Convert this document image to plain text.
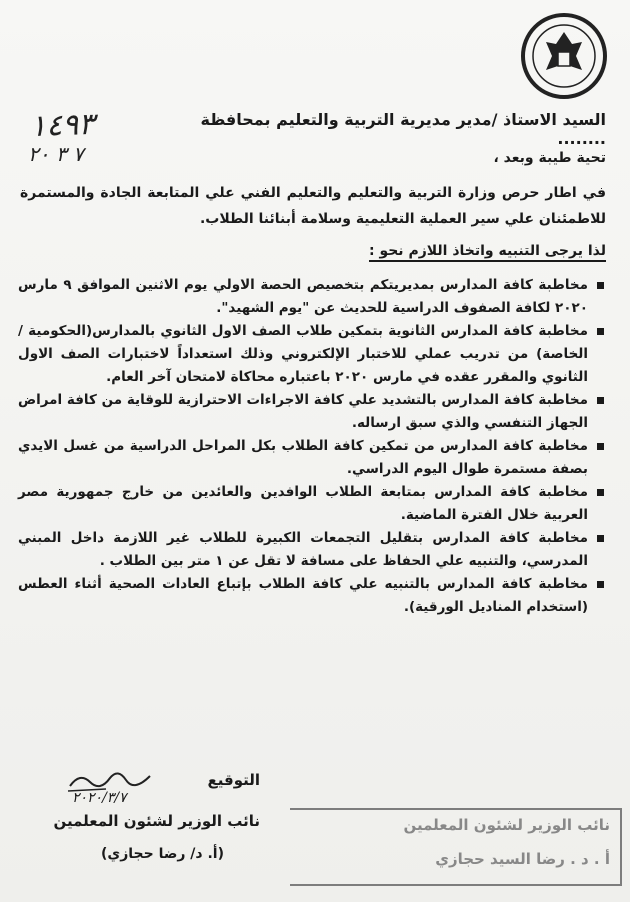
١٤٩٣
٧ ٣ ٢٠
السيد الاستاذ /مدير مديرية التربية والتعليم بمحافظة ........
تحية طيبة وبعد ،
في اطار حرص وزارة التربية والتعليم والتعليم الفني علي المتابعة الجادة والمستمرة للاطمئنان علي سير العملية التعليمية وسلامة أبنائنا الطلاب.
لذا يرجى التنبيه واتخاذ اللازم نحو :
مخاطبة كافة المدارس بمديريتكم بتخصيص الحصة الاولي يوم الاثنين الموافق ٩ مارس ٢٠٢٠ لكافة الصفوف الدراسية للحديث عن "يوم الشهيد".
مخاطبة كافة المدارس الثانوية بتمكين طلاب الصف الاول الثانوي بالمدارس(الحكومية / الخاصة) من تدريب عملي للاختبار الإلكتروني وذلك استعداداً لاختبارات الصف الاول الثانوي والمقرر عقده في مارس ٢٠٢٠ باعتباره محاكاة لامتحان آخر العام.
مخاطبة كافة المدارس بالتشديد علي كافة الاجراءات الاحترازية للوقاية من كافة امراض الجهاز التنفسي والذي سبق ارساله.
مخاطبة كافة المدارس من تمكين كافة الطلاب بكل المراحل الدراسية من غسل الايدي بصفة مستمرة طوال اليوم الدراسي.
مخاطبة كافة المدارس بمتابعة الطلاب الوافدين والعائدين من خارج جمهورية مصر العربية خلال الفترة الماضية.
مخاطبة كافة المدارس بتقليل التجمعات الكبيرة للطلاب غير اللازمة داخل المبني المدرسي، والتنبيه علي الحفاظ على مسافة لا تقل عن ١ متر بين الطلاب .
مخاطبة كافة المدارس بالتنبيه علي كافة الطلاب بإتباع العادات الصحية أثناء العطس (استخدام المناديل الورقية).
التوقيع
٢٠٢٠/٣/٧
نائب الوزير لشئون المعلمين
(أ. د/ رضا حجازي)
نائب الوزير لشئون المعلمين
أ . د . رضا السيد حجازي
